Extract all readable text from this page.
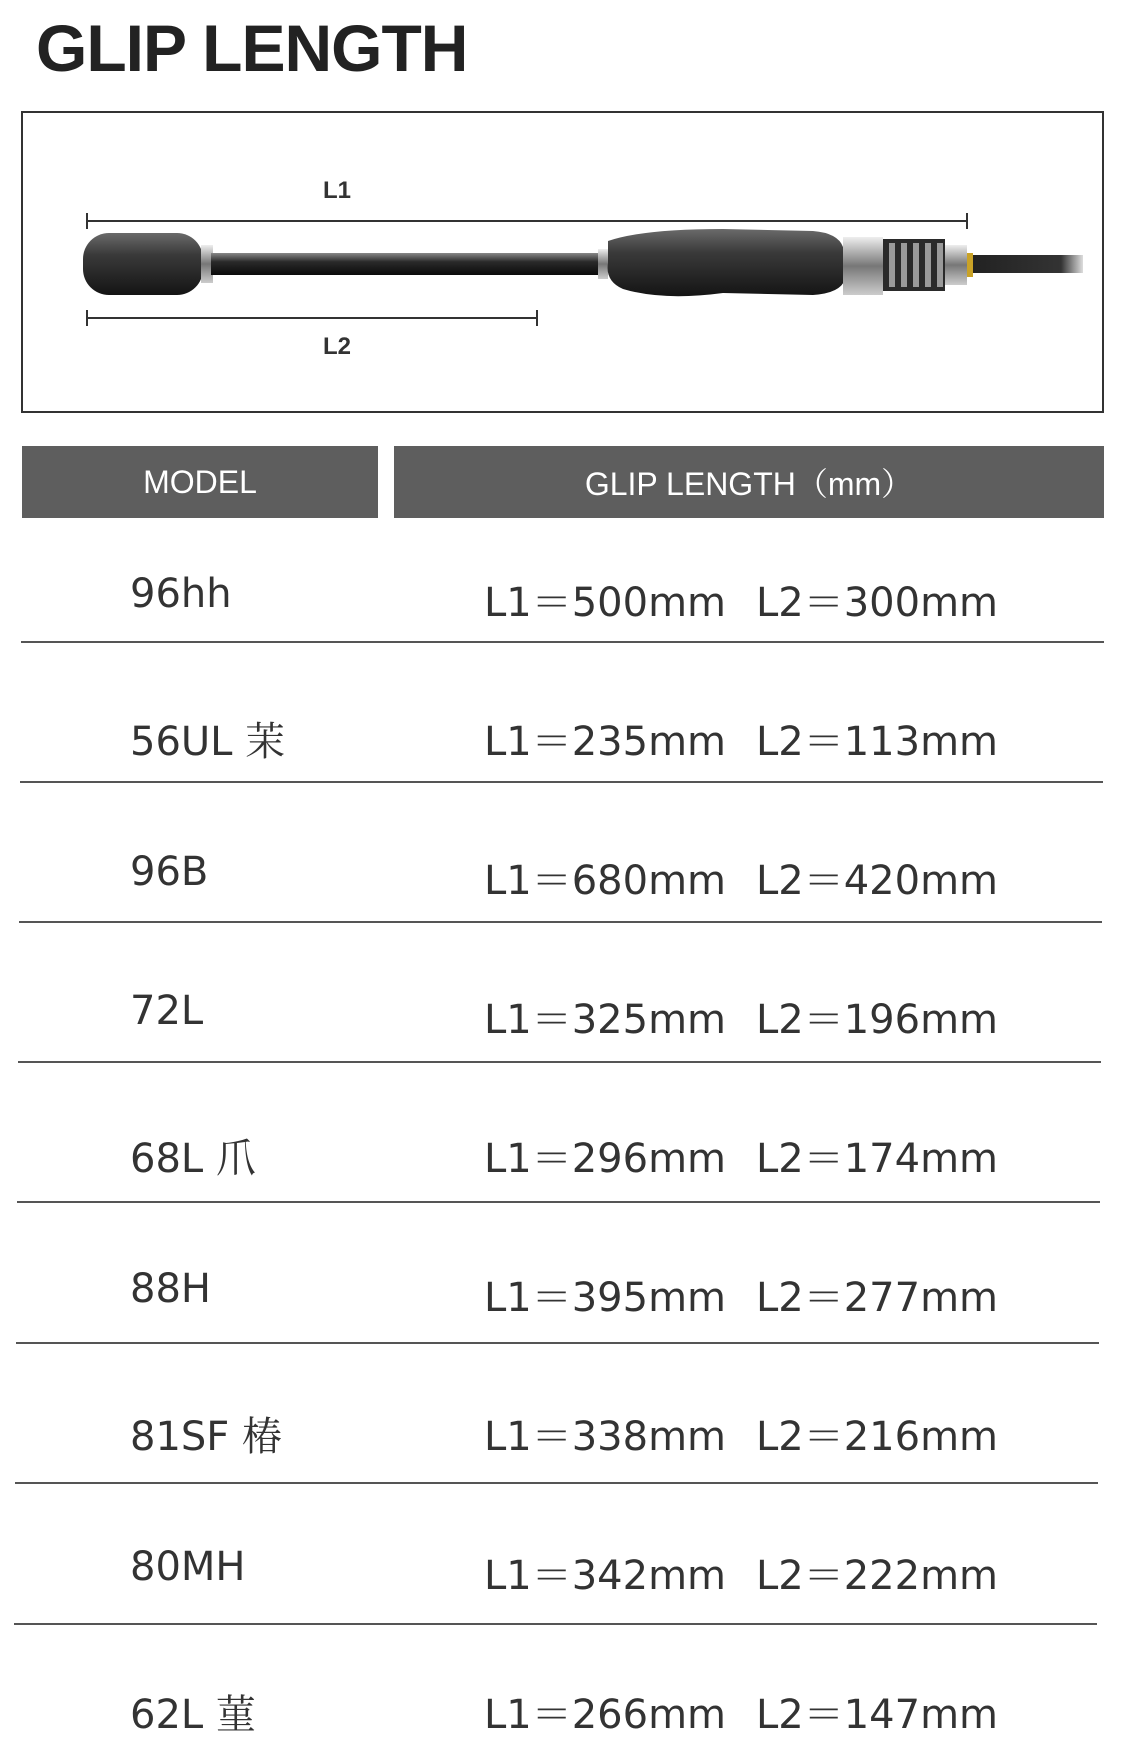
GLIP LENGTH
L1
L2
MODEL	GLIP LENGTH（mm）
96hh	L1＝500mm L2＝300mm
56UL 茉	L1＝235mm L2＝113mm
96B	L1＝680mm L2＝420mm
72L	L1＝325mm L2＝196mm
68L 爪	L1＝296mm L2＝174mm
88H	L1＝395mm L2＝277mm
81SF 椿	L1＝338mm L2＝216mm
80MH	L1＝342mm L2＝222mm
62L 菫	L1＝266mm L2＝147mm
